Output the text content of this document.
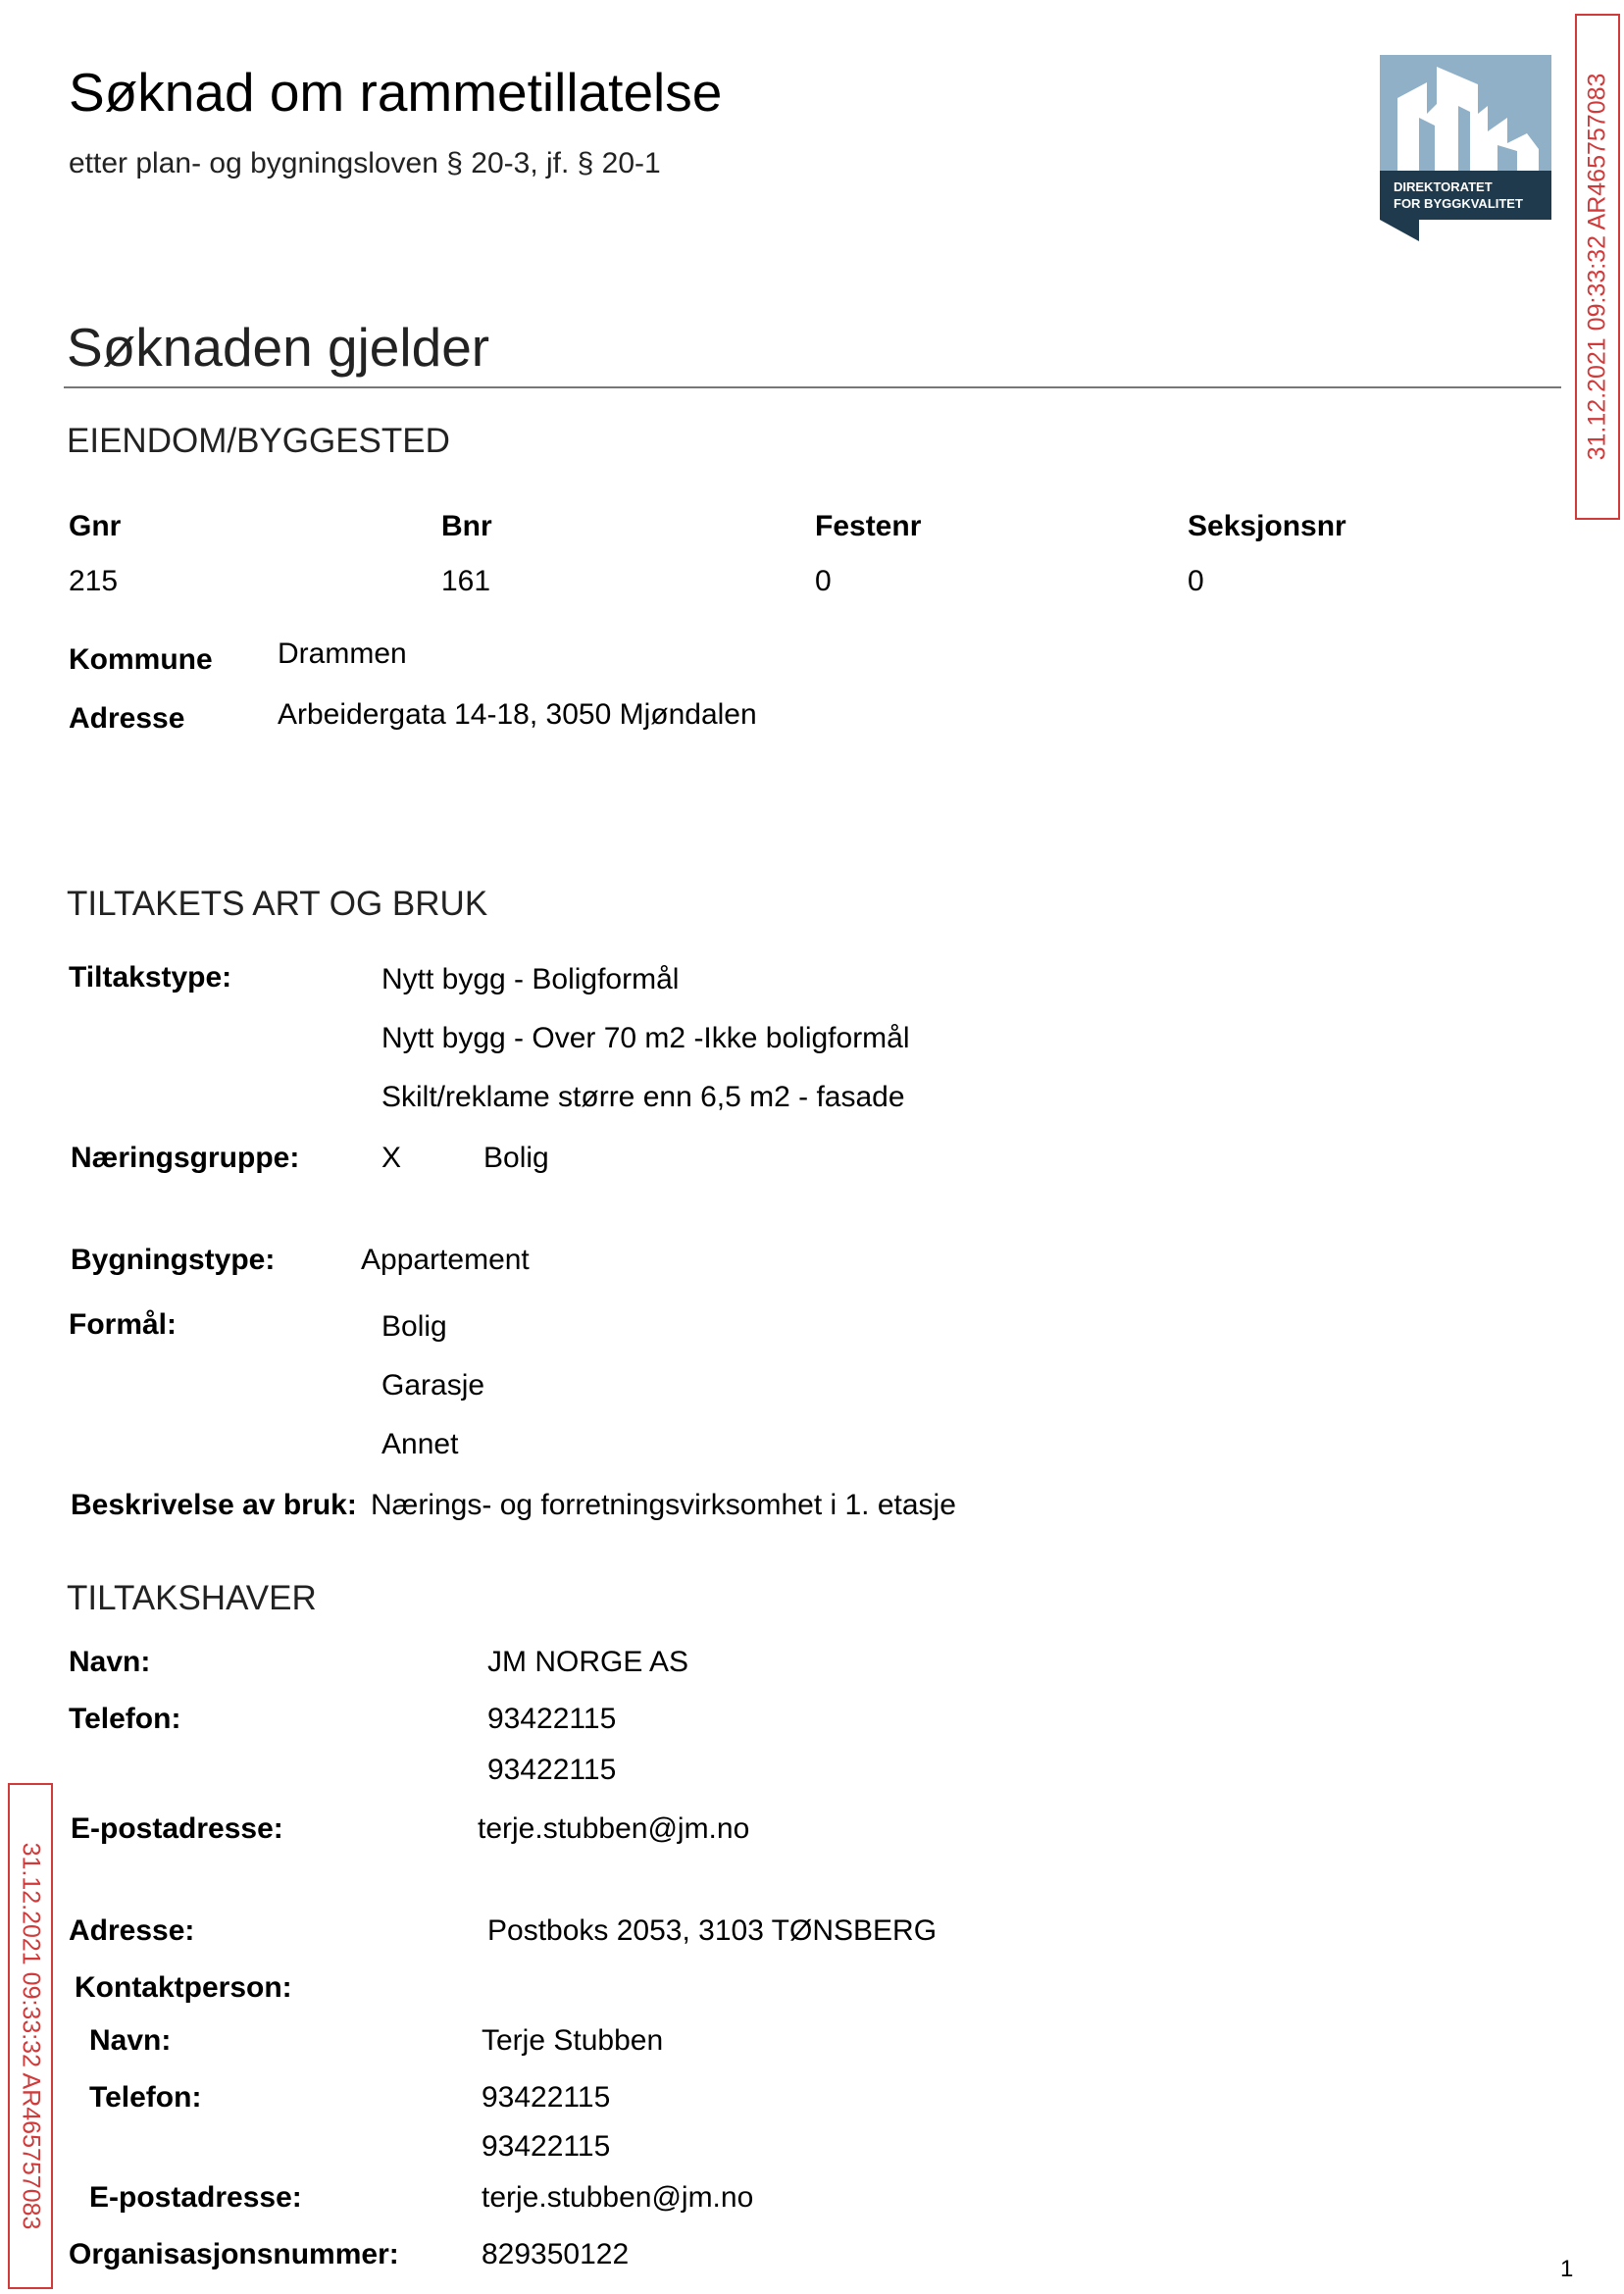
Søknad om rammetillatelse
etter plan- og bygningsloven § 20-3, jf. § 20-1
DIREKTORATET
FOR BYGGKVALITET 31.12.2021 09:33:32 AR465757083
31.12.2021 09:33:32 AR465757083
Søknaden gjelder
EIENDOM/BYGGESTED
Gnr	Bnr	Festenr	Seksjonsnr
215	161	0	0
Kommune Drammen
Adresse	Arbeidergata 14-18, 3050 Mjøndalen
TILTAKETS ART OG BRUK
Tiltakstype:	Nytt bygg - Boligformål
Nytt bygg - Over 70 m2 -Ikke boligformål
Skilt/reklame større enn 6,5 m2 - fasade
Næringsgruppe:	X	Bolig
Bygningstype:	Appartement
Formål:	Bolig
Garasje
Annet
Beskrivelse av bruk: Nærings- og forretningsvirksomhet i 1. etasje
TILTAKSHAVER
Navn:	JM NORGE AS
Telefon:	93422115
93422115
E-postadresse:	terje.stubben@jm.no
Adresse:	Postboks 2053, 3103 TØNSBERG
Kontaktperson:
Navn:	Terje Stubben
Telefon:	93422115
93422115
E-postadresse:	terje.stubben@jm.no
Organisasjonsnummer:	829350122	1
